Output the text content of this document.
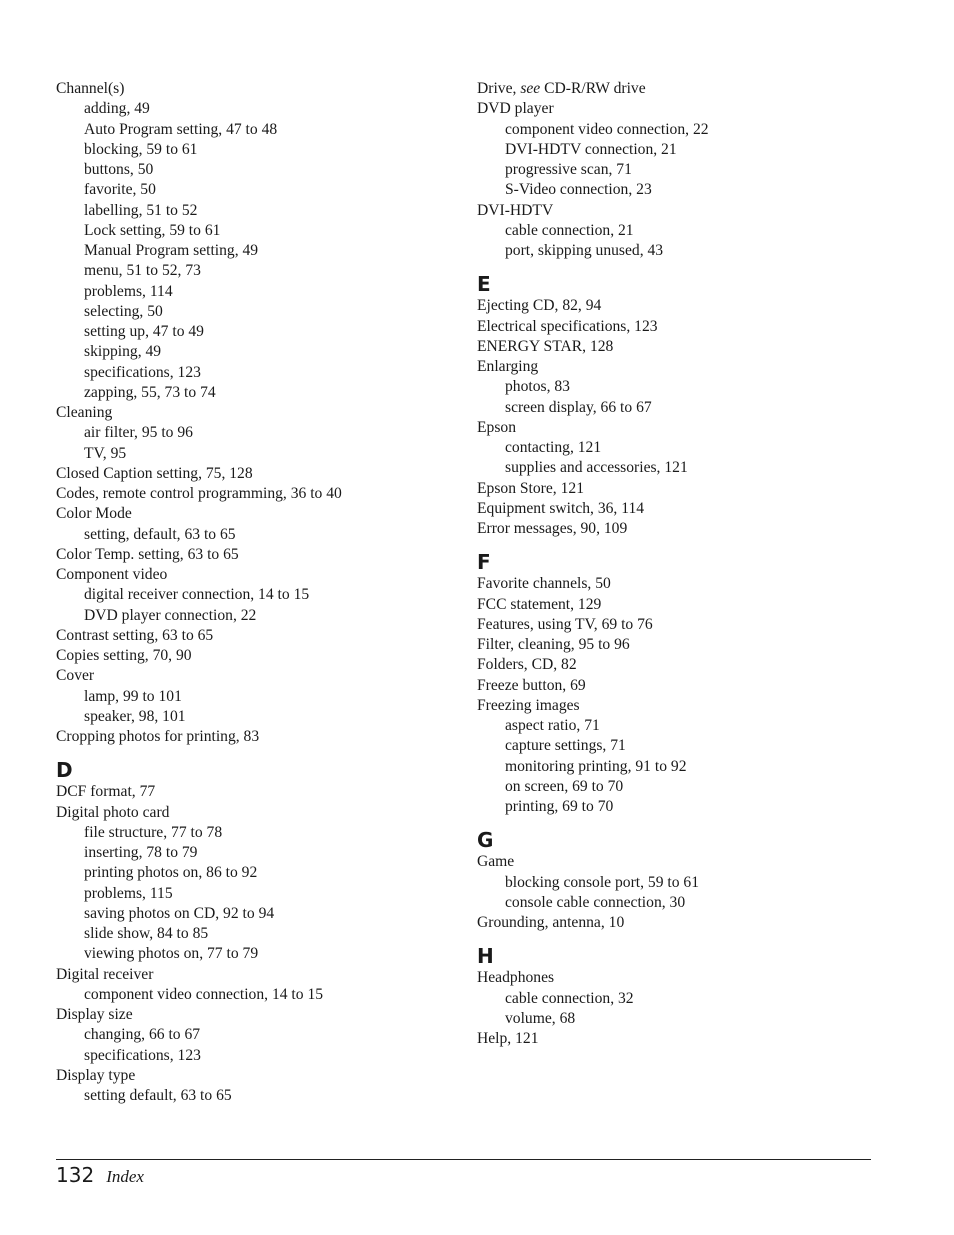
Channel(s)
adding, 49
Auto Program setting, 47 to 48
blocking, 59 to 61
buttons, 50
favorite, 50
labelling, 51 to 52
Lock setting, 59 to 61
Manual Program setting, 49
menu, 51 to 52, 73
problems, 114
selecting, 50
setting up, 47 to 49
skipping, 49
specifications, 123
zapping, 55, 73 to 74
Cleaning
air filter, 95 to 96
TV, 95
Closed Caption setting, 75, 128
Codes, remote control programming, 36 to 40
Color Mode
setting, default, 63 to 65
Color Temp. setting, 63 to 65
Component video
digital receiver connection, 14 to 15
DVD player connection, 22
Contrast setting, 63 to 65
Copies setting, 70, 90
Cover
lamp, 99 to 101
speaker, 98, 101
Cropping photos for printing, 83
D
DCF format, 77
Digital photo card
file structure, 77 to 78
inserting, 78 to 79
printing photos on, 86 to 92
problems, 115
saving photos on CD, 92 to 94
slide show, 84 to 85
viewing photos on, 77 to 79
Digital receiver
component video connection, 14 to 15
Display size
changing, 66 to 67
specifications, 123
Display type
setting default, 63 to 65
Drive, see CD-R/RW drive
DVD player
component video connection, 22
DVI-HDTV connection, 21
progressive scan, 71
S-Video connection, 23
DVI-HDTV
cable connection, 21
port, skipping unused, 43
E
Ejecting CD, 82, 94
Electrical specifications, 123
ENERGY STAR, 128
Enlarging
photos, 83
screen display, 66 to 67
Epson
contacting, 121
supplies and accessories, 121
Epson Store, 121
Equipment switch, 36, 114
Error messages, 90, 109
F
Favorite channels, 50
FCC statement, 129
Features, using TV, 69 to 76
Filter, cleaning, 95 to 96
Folders, CD, 82
Freeze button, 69
Freezing images
aspect ratio, 71
capture settings, 71
monitoring printing, 91 to 92
on screen, 69 to 70
printing, 69 to 70
G
Game
blocking console port, 59 to 61
console cable connection, 30
Grounding, antenna, 10
H
Headphones
cable connection, 32
volume, 68
Help, 121
132 Index
